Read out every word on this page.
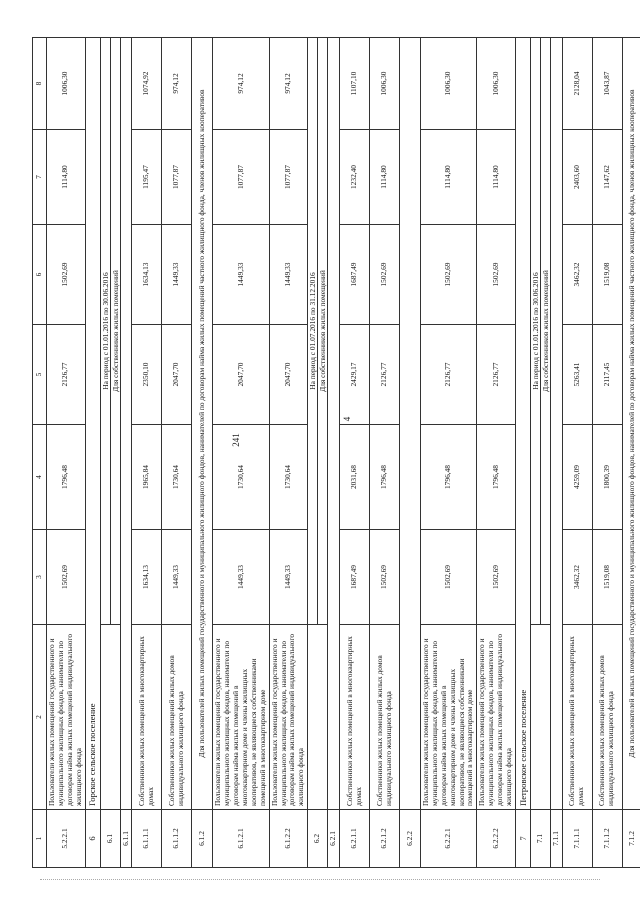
241
4
1	2	3	4	5	6	7	8
5.2.2.1	Пользователи жилых помещений государственного и муниципального жилищных фондов, наниматели по договорам найма жилых помещений индивидуального жилищного фонда	1502,69	1796,48	2126,77	1502,69	1114,80	1006,30
6	Горское сельское поселение						
6.1		На период с 01.01.2016 по 30.06.2016 Для собственников жилых помещений					

6.1.1							
6.1.1.1	Собственники жилых помещений в многоквартирных домах	1634,13	1965,84	2350,10	1634,13	1195,47	1074,92
6.1.1.2	Собственники жилых помещений жилых домов индивидуального жилищного фонда	1449,33	1730,64	2047,70	1449,33	1077,87	974,12
6.1.2	Для пользователей жилых помещений государственного и муниципального жилищного фондов, нанимателей по договорам найма жилых помещений частного жилищного фонда, членов жилищных кооперативов						
6.1.2.1	Пользователи жилых помещений государственного и муниципального жилищных фондов, наниматели по договорам найма жилых помещений в многоквартирном доме и члены жилищных кооперативов, не являющиеся собственниками помещений в многоквартирном доме	1449,33	1730,64	2047,70	1449,33	1077,87	974,12
6.1.2.2	Пользователи жилых помещений государственного и муниципального жилищных фондов, наниматели по договорам найма жилых помещений индивидуального жилищного фонда	1449,33	1730,64	2047,70	1449,33	1077,87	974,12
6.2		На период с 01.07.2016 по 31.12.2016 Для собственников жилых помещений					

6.2.1							
6.2.1.1	Собственники жилых помещений в многоквартирных домах	1687,49	2031,68	2429,17	1687,49	1232,40	1107,10
6.2.1.2	Собственники жилых помещений жилых домов индивидуального жилищного фонда	1502,69	1796,48	2126,77	1502,69	1114,80	1006,30
6.2.2							
6.2.2.1	Пользователи жилых помещений государственного и муниципального жилищных фондов, наниматели по договорам найма жилых помещений в многоквартирном доме и члены жилищных кооперативов, не являющиеся собственниками помещений в многоквартирном доме	1502,69	1796,48	2126,77	1502,69	1114,80	1006,30
6.2.2.2	Пользователи жилых помещений государственного и муниципального жилищных фондов, наниматели по договорам найма жилых помещений индивидуального жилищного фонда	1502,69	1796,48	2126,77	1502,69	1114,80	1006,30
7	Петровское сельское поселение						
7.1		На период с 01.01.2016 по 30.06.2016 Для собственников жилых помещений					

7.1.1							
7.1.1.1	Собственники жилых помещений в многоквартирных домах	3462,32	4259,09	5263,41	3462,32	2403,60	2128,04
7.1.1.2	Собственники жилых помещений жилых домов индивидуального жилищного фонда	1519,08	1800,39	2117,45	1519,08	1147,62	1043,87
7.1.2	Для пользователей жилых помещений государственного и муниципального жилищного фондов, нанимателей по договорам найма жилых помещений частного жилищного фонда, членов жилищных кооперативов						
